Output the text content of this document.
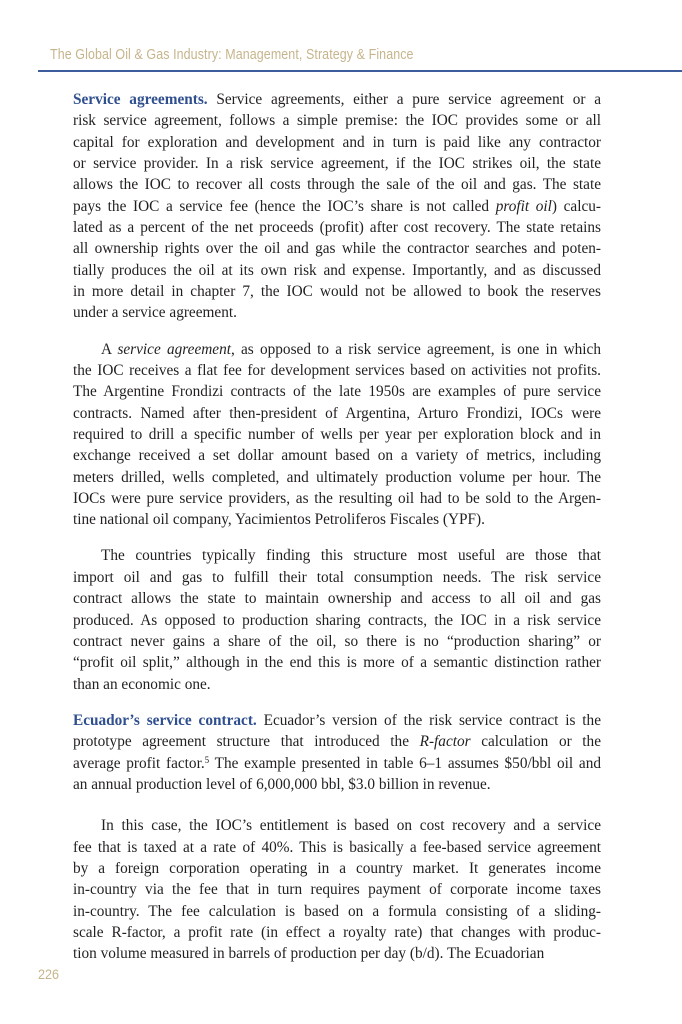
The Global Oil & Gas Industry: Management, Strategy & Finance

Service agreements. Service agreements, either a pure service agreement or a
risk service agreement, follows a simple premise: the IOC provides some or all
capital for exploration and development and in turn is paid like any contractor
or service provider. In a risk service agreement, if the IOC strikes oil, the state
allows the IOC to recover all costs through the sale of the oil and gas. The state
pays the IOC a service fee (hence the IOC’s share is not called profit oil) calcu-
lated as a percent of the net proceeds (profit) after cost recovery. The state retains
all ownership rights over the oil and gas while the contractor searches and poten-
tially produces the oil at its own risk and expense. Importantly, and as discussed
in more detail in chapter 7, the IOC would not be allowed to book the reserves
under a service agreement.

A service agreement, as opposed to a risk service agreement, is one in which
the IOC receives a flat fee for development services based on activities not profits.
The Argentine Frondizi contracts of the late 1950s are examples of pure service
contracts. Named after then-president of Argentina, Arturo Frondizi, IOCs were
required to drill a specific number of wells per year per exploration block and in
exchange received a set dollar amount based on a variety of metrics, including
meters drilled, wells completed, and ultimately production volume per hour. The
IOCs were pure service providers, as the resulting oil had to be sold to the Argen-
tine national oil company, Yacimientos Petroliferos Fiscales (YPF).

The countries typically finding this structure most useful are those that
import oil and gas to fulfill their total consumption needs. The risk service
contract allows the state to maintain ownership and access to all oil and gas
produced. As opposed to production sharing contracts, the IOC in a risk service
contract never gains a share of the oil, so there is no “production sharing” or
“profit oil split,” although in the end this is more of a semantic distinction rather
than an economic one.

Ecuador’s service contract. Ecuador’s version of the risk service contract is the
prototype agreement structure that introduced the R-factor calculation or the
average profit factor.$^5$ The example presented in table 6–1 assumes $50/bbl oil and
an annual production level of 6,000,000 bbl, $3.0 billion in revenue.

In this case, the IOC’s entitlement is based on cost recovery and a service
fee that is taxed at a rate of 40%. This is basically a fee-based service agreement
by a foreign corporation operating in a country market. It generates income
in-country via the fee that in turn requires payment of corporate income taxes
in-country. The fee calculation is based on a formula consisting of a sliding-
scale R-factor, a profit rate (in effect a royalty rate) that changes with produc-
tion volume measured in barrels of production per day (b/d). The Ecuadorian

226
